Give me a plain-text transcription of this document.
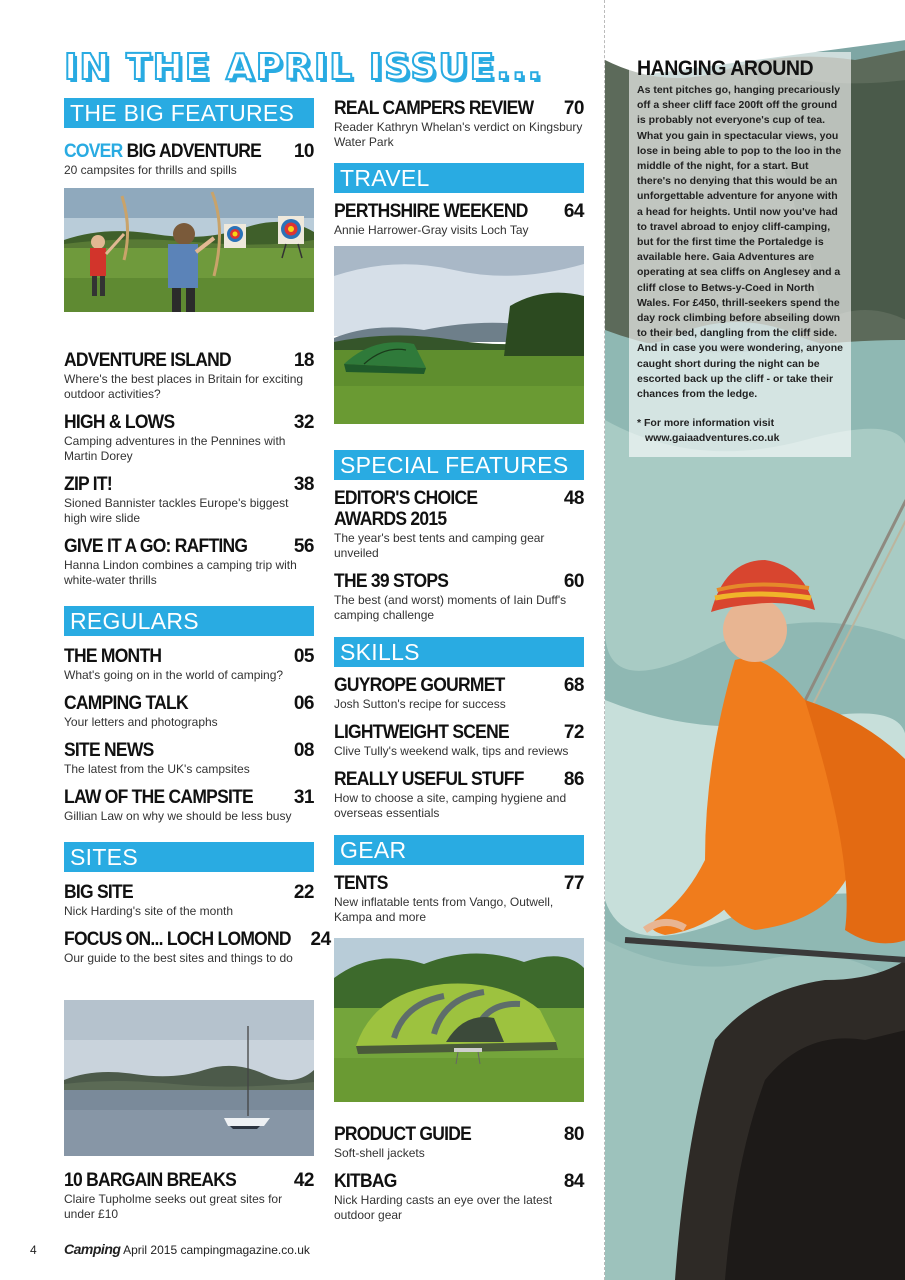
IN THE APRIL ISSUE...
THE BIG FEATURES
COVER BIG ADVENTURE 10
20 campsites for thrills and spills
ADVENTURE ISLAND	18
Where's the best places in Britain for exciting outdoor activities?
HIGH & LOWS	32
Camping adventures in the Pennines with Martin Dorey
ZIP IT!	38
Sioned Bannister tackles Europe's biggest high wire slide
GIVE IT A GO: RAFTING 56
Hanna Lindon combines a camping trip with white-water thrills
REGULARS
THE MONTH	05
What's going on in the world of camping?
CAMPING TALK	06
Your letters and photographs
SITE NEWS	08
The latest from the UK's campsites
LAW OF THE CAMPSITE 31
Gillian Law on why we should be less busy
SITES
BIG SITE	22
Nick Harding's site of the month
FOCUS ON... LOCH LOMOND 24
Our guide to the best sites and things to do
10 BARGAIN BREAKS	42
Claire Tupholme seeks out great sites for under £10
REAL CAMPERS REVIEW 70
Reader Kathryn Whelan's verdict on Kingsbury Water Park
TRAVEL
PERTHSHIRE WEEKEND 64
Annie Harrower-Gray visits Loch Tay
SPECIAL FEATURES
EDITOR'S CHOICE	48
AWARDS 2015
The year's best tents and camping gear unveiled
THE 39 STOPS	60
The best (and worst) moments of Iain Duff's camping challenge
SKILLS
GUYROPE GOURMET	68
Josh Sutton's recipe for success
LIGHTWEIGHT SCENE	72
Clive Tully's weekend walk, tips and reviews
REALLY USEFUL STUFF 86
How to choose a site, camping hygiene and overseas essentials
GEAR
TENTS	77
New inflatable tents from Vango, Outwell, Kampa and more
PRODUCT GUIDE	80
Soft-shell jackets
KITBAG	84
Nick Harding casts an eye over the latest outdoor gear
HANGING AROUND
As tent pitches go, hanging precariously off a sheer cliff face 200ft off the ground is probably not everyone's cup of tea. What you gain in spectacular views, you lose in being able to pop to the loo in the middle of the night, for a start. But there's no denying that this would be an unforgettable adventure for anyone with a head for heights. Until now you've had to travel abroad to enjoy cliff-camping, but for the first time the Portaledge is available here. Gaia Adventures are operating at sea cliffs on Anglesey and a cliff close to Betws-y-Coed in North Wales. For £450, thrill-seekers spend the day rock climbing before abseiling down to their bed, dangling from the cliff side. And in case you were wondering, anyone caught short during the night can be escorted back up the cliff - or take their chances from the ledge.
* For more information visit
www.gaiaadventures.co.uk
4 Camping April 2015 campingmagazine.co.uk
